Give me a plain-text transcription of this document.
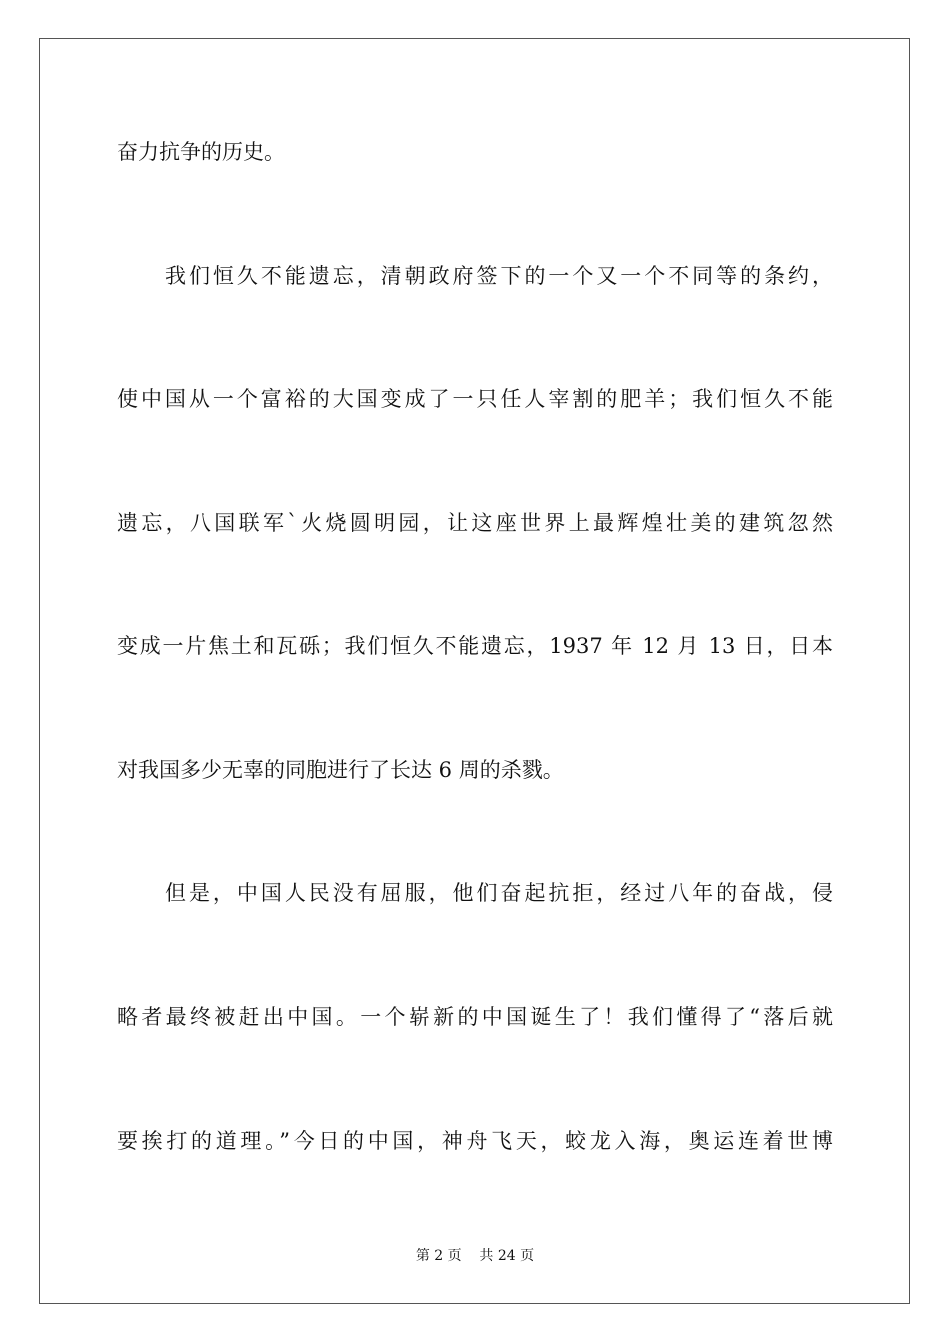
奋力抗争的历史。
我们恒久不能遗忘，清朝政府签下的一个又一个不同等的条约，
使中国从一个富裕的大国变成了一只任人宰割的肥羊；我们恒久不能
遗忘，八国联军`火烧圆明园，让这座世界上最辉煌壮美的建筑忽然
变成一片焦土和瓦砾；我们恒久不能遗忘，1937 年 12 月 13 日，日本
对我国多少无辜的同胞进行了长达 6 周的杀戮。
但是，中国人民没有屈服，他们奋起抗拒，经过八年的奋战，侵
略者最终被赶出中国。一个崭新的中国诞生了！我们懂得了“落后就
要挨打的道理。”今日的中国，神舟飞天，蛟龙入海，奥运连着世博
第 2 页    共 24 页
